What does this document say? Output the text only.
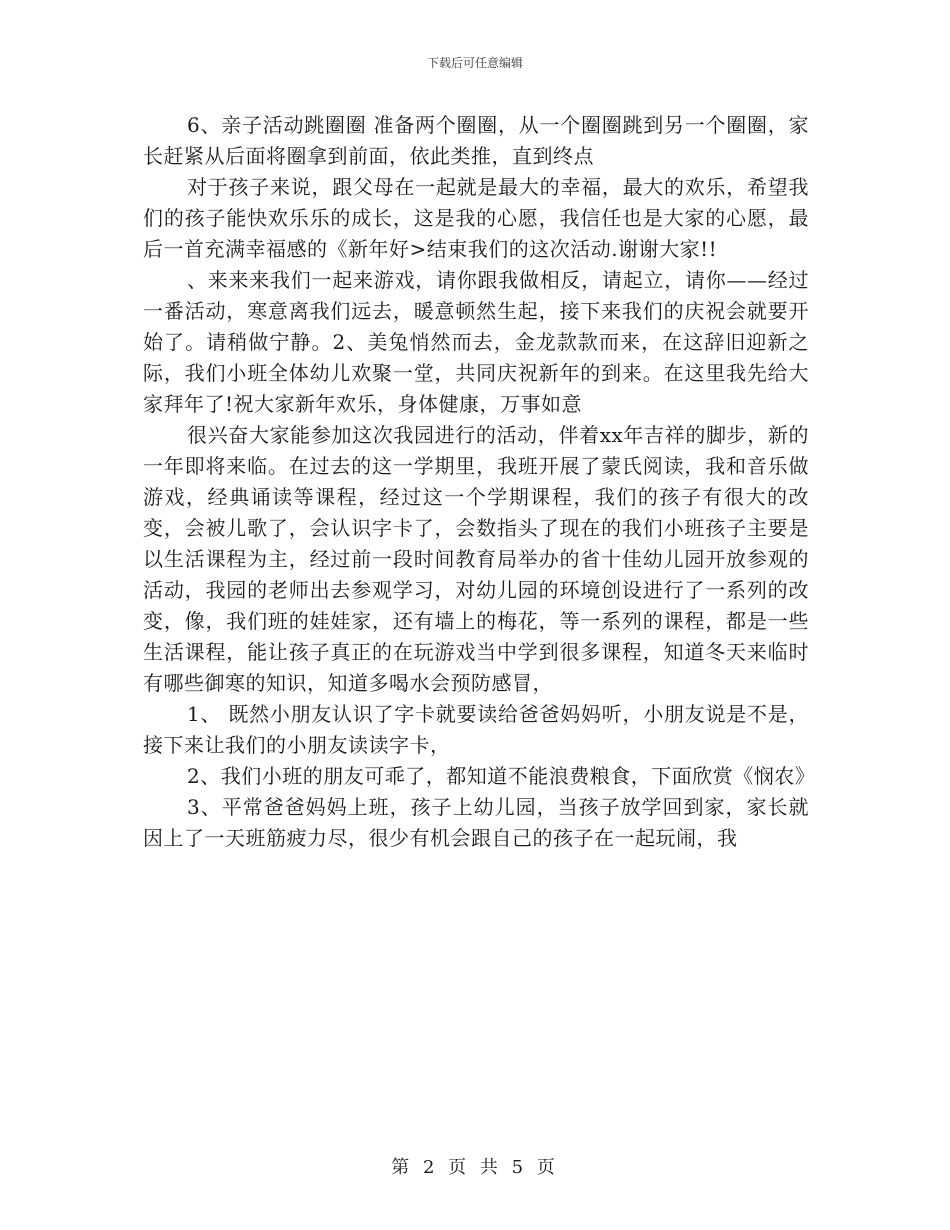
下载后可任意编辑

6、亲子活动跳圈圈 准备两个圈圈，从一个圈圈跳到另一个圈圈，家长赶紧从后面将圈拿到前面，依此类推，直到终点

对于孩子来说，跟父母在一起就是最大的幸福，最大的欢乐，希望我们的孩子能快欢乐乐的成长，这是我的心愿，我信任也是大家的心愿，最后一首充满幸福感的《新年好>结束我们的这次活动.谢谢大家!!

、来来来我们一起来游戏，请你跟我做相反，请起立，请你——经过一番活动，寒意离我们远去，暖意顿然生起，接下来我们的庆祝会就要开始了。请稍做宁静。2、美兔悄然而去，金龙款款而来，在这辞旧迎新之际，我们小班全体幼儿欢聚一堂，共同庆祝新年的到来。在这里我先给大家拜年了!祝大家新年欢乐，身体健康，万事如意

很兴奋大家能参加这次我园进行的活动，伴着xx年吉祥的脚步，新的一年即将来临。在过去的这一学期里，我班开展了蒙氏阅读，我和音乐做游戏，经典诵读等课程，经过这一个学期课程，我们的孩子有很大的改变，会被儿歌了，会认识字卡了，会数指头了现在的我们小班孩子主要是以生活课程为主，经过前一段时间教育局举办的省十佳幼儿园开放参观的活动，我园的老师出去参观学习，对幼儿园的环境创设进行了一系列的改变，像，我们班的娃娃家，还有墙上的梅花，等一系列的课程，都是一些生活课程，能让孩子真正的在玩游戏当中学到很多课程，知道冬天来临时有哪些御寒的知识，知道多喝水会预防感冒，

1、 既然小朋友认识了字卡就要读给爸爸妈妈听，小朋友说是不是， 接下来让我们的小朋友读读字卡，

2、我们小班的朋友可乖了，都知道不能浪费粮食，下面欣赏《悯农》

3、平常爸爸妈妈上班，孩子上幼儿园，当孩子放学回到家，家长就因上了一天班筋疲力尽，很少有机会跟自己的孩子在一起玩闹，我

第 2 页 共 5 页
